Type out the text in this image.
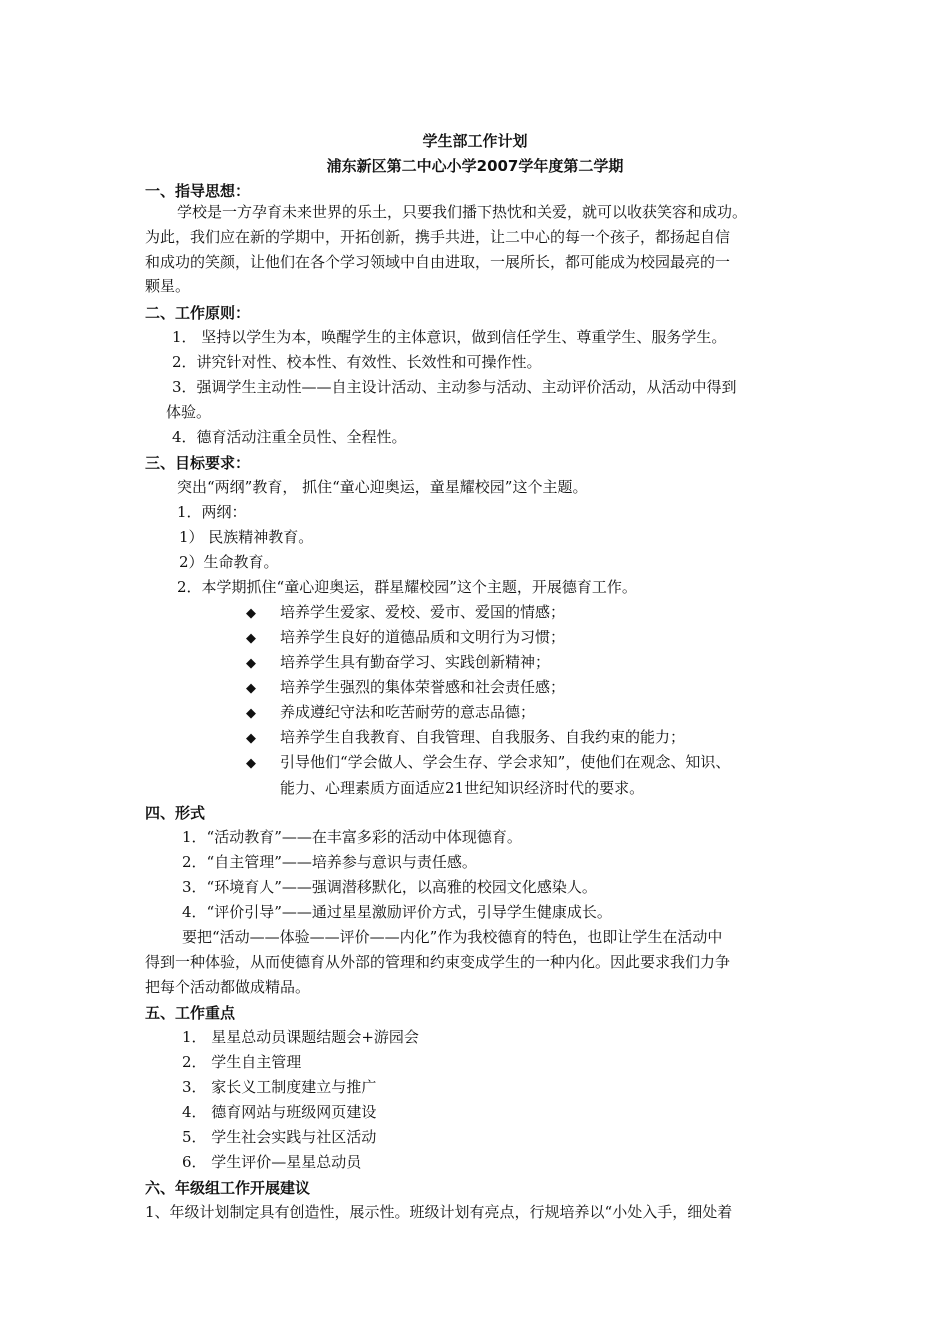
学生部工作计划
浦东新区第二中心小学2007学年度第二学期
一、指导思想：
学校是一方孕育未来世界的乐土，只要我们播下热忱和关爱，就可以收获笑容和成功。
为此，我们应在新的学期中，开拓创新，携手共进，让二中心的每一个孩子，都扬起自信
和成功的笑颜，让他们在各个学习领域中自由进取，一展所长，都可能成为校园最亮的一
颗星。
二、工作原则：
1． 坚持以学生为本，唤醒学生的主体意识，做到信任学生、尊重学生、服务学生。
2．讲究针对性、校本性、有效性、长效性和可操作性。
3．强调学生主动性——自主设计活动、主动参与活动、主动评价活动，从活动中得到
体验。
4．德育活动注重全员性、全程性。
三、目标要求：
突出“两纲”教育， 抓住“童心迎奥运，童星耀校园”这个主题。
1．两纲：
1） 民族精神教育。
2）生命教育。
2．本学期抓住“童心迎奥运，群星耀校园”这个主题，开展德育工作。
◆ 培养学生爱家、爱校、爱市、爱国的情感；
◆ 培养学生良好的道德品质和文明行为习惯；
◆ 培养学生具有勤奋学习、实践创新精神；
◆ 培养学生强烈的集体荣誉感和社会责任感；
◆ 养成遵纪守法和吃苦耐劳的意志品德；
◆ 培养学生自我教育、自我管理、自我服务、自我约束的能力；
◆ 引导他们“学会做人、学会生存、学会求知”，使他们在观念、知识、
能力、心理素质方面适应21世纪知识经济时代的要求。
四、形式
1．“活动教育”——在丰富多彩的活动中体现德育。
2．“自主管理”——培养参与意识与责任感。
3．“环境育人”——强调潜移默化，以高雅的校园文化感染人。
4．“评价引导”——通过星星激励评价方式，引导学生健康成长。
要把“活动——体验——评价——内化”作为我校德育的特色，也即让学生在活动中
得到一种体验，从而使德育从外部的管理和约束变成学生的一种内化。因此要求我们力争
把每个活动都做成精品。
五、工作重点
1． 星星总动员课题结题会+游园会
2． 学生自主管理
3． 家长义工制度建立与推广
4． 德育网站与班级网页建设
5． 学生社会实践与社区活动
6． 学生评价—星星总动员
六、年级组工作开展建议
1、年级计划制定具有创造性，展示性。班级计划有亮点，行规培养以“小处入手，细处着
